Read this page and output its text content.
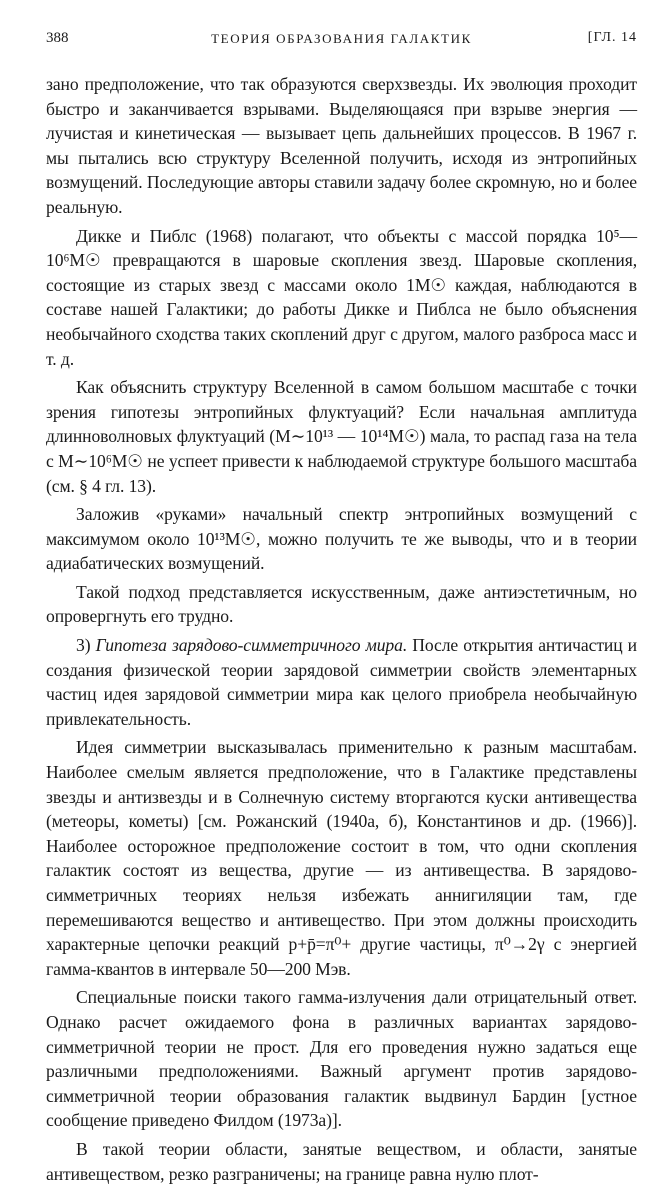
388	ТЕОРИЯ ОБРАЗОВАНИЯ ГАЛАКТИК	[ГЛ. 14

зано предположение, что так образуются сверхзвезды. Их эволюция проходит быстро и заканчивается взрывами. Выделяющаяся при взрыве энергия — лучистая и кинетическая — вызывает цепь дальнейших процессов. В 1967 г. мы пытались всю структуру Вселенной получить, исходя из энтропийных возмущений. Последующие авторы ставили задачу более скромную, но и более реальную.

Дикке и Пиблс (1968) полагают, что объекты с массой порядка 10⁵—10⁶M☉ превращаются в шаровые скопления звезд. Шаровые скопления, состоящие из старых звезд с массами около 1M☉ каждая, наблюдаются в составе нашей Галактики; до работы Дикке и Пиблса не было объяснения необычайного сходства таких скоплений друг с другом, малого разброса масс и т. д.

Как объяснить структуру Вселенной в самом большом масштабе с точки зрения гипотезы энтропийных флуктуаций? Если начальная амплитуда длинноволновых флуктуаций (M∼10¹³ — 10¹⁴M☉) мала, то распад газа на тела с M∼10⁶M☉ не успеет привести к наблюдаемой структуре большого масштаба (см. § 4 гл. 13).

Заложив «руками» начальный спектр энтропийных возмущений с максимумом около 10¹³M☉, можно получить те же выводы, что и в теории адиабатических возмущений.

Такой подход представляется искусственным, даже антиэстетичным, но опровергнуть его трудно.

3) Гипотеза зарядово-симметричного мира. После открытия античастиц и создания физической теории зарядовой симметрии свойств элементарных частиц идея зарядовой симметрии мира как целого приобрела необычайную привлекательность.

Идея симметрии высказывалась применительно к разным масштабам. Наиболее смелым является предположение, что в Галактике представлены звезды и антизвезды и в Солнечную систему вторгаются куски антивещества (метеоры, кометы) [см. Рожанский (1940а, б), Константинов и др. (1966)]. Наиболее осторожное предположение состоит в том, что одни скопления галактик состоят из вещества, другие — из антивещества. В зарядово-симметричных теориях нельзя избежать аннигиляции там, где перемешиваются вещество и антивещество. При этом должны происходить характерные цепочки реакций p+p̄=π⁰+ другие частицы, π⁰→2γ с энергией гамма-квантов в интервале 50—200 Мэв.

Специальные поиски такого гамма-излучения дали отрицательный ответ. Однако расчет ожидаемого фона в различных вариантах зарядово-симметричной теории не прост. Для его проведения нужно задаться еще различными предположениями. Важный аргумент против зарядово-симметричной теории образования галактик выдвинул Бардин [устное сообщение приведено Филдом (1973а)].

В такой теории области, занятые веществом, и области, занятые антивеществом, резко разграничены; на границе равна нулю плот-
